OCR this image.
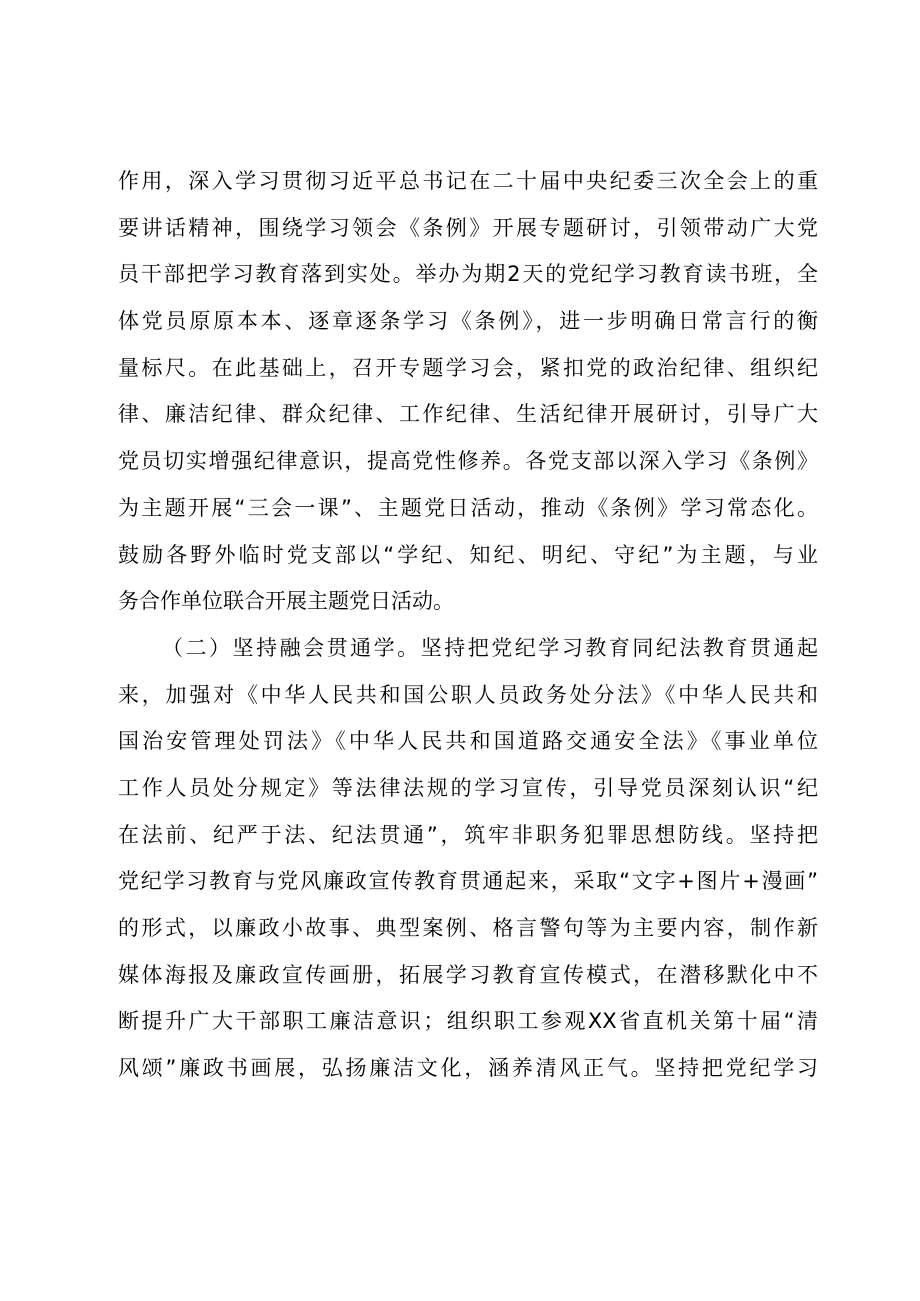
作用，深入学习贯彻习近平总书记在二十届中央纪委三次全会上的重
要讲话精神，围绕学习领会《条例》开展专题研讨，引领带动广大党
员干部把学习教育落到实处。举办为期2天的党纪学习教育读书班，全
体党员原原本本、逐章逐条学习《条例》，进一步明确日常言行的衡
量标尺。在此基础上，召开专题学习会，紧扣党的政治纪律、组织纪
律、廉洁纪律、群众纪律、工作纪律、生活纪律开展研讨，引导广大
党员切实增强纪律意识，提高党性修养。各党支部以深入学习《条例》
为主题开展“三会一课”、主题党日活动，推动《条例》学习常态化。
鼓励各野外临时党支部以“学纪、知纪、明纪、守纪”为主题，与业
务合作单位联合开展主题党日活动。
（二）坚持融会贯通学。坚持把党纪学习教育同纪法教育贯通起
来，加强对《中华人民共和国公职人员政务处分法》《中华人民共和
国治安管理处罚法》《中华人民共和国道路交通安全法》《事业单位
工作人员处分规定》等法律法规的学习宣传，引导党员深刻认识“纪
在法前、纪严于法、纪法贯通”，筑牢非职务犯罪思想防线。坚持把
党纪学习教育与党风廉政宣传教育贯通起来，采取“文字+图片+漫画”
的形式，以廉政小故事、典型案例、格言警句等为主要内容，制作新
媒体海报及廉政宣传画册，拓展学习教育宣传模式，在潜移默化中不
断提升广大干部职工廉洁意识；组织职工参观XX省直机关第十届“清
风颂”廉政书画展，弘扬廉洁文化，涵养清风正气。坚持把党纪学习
